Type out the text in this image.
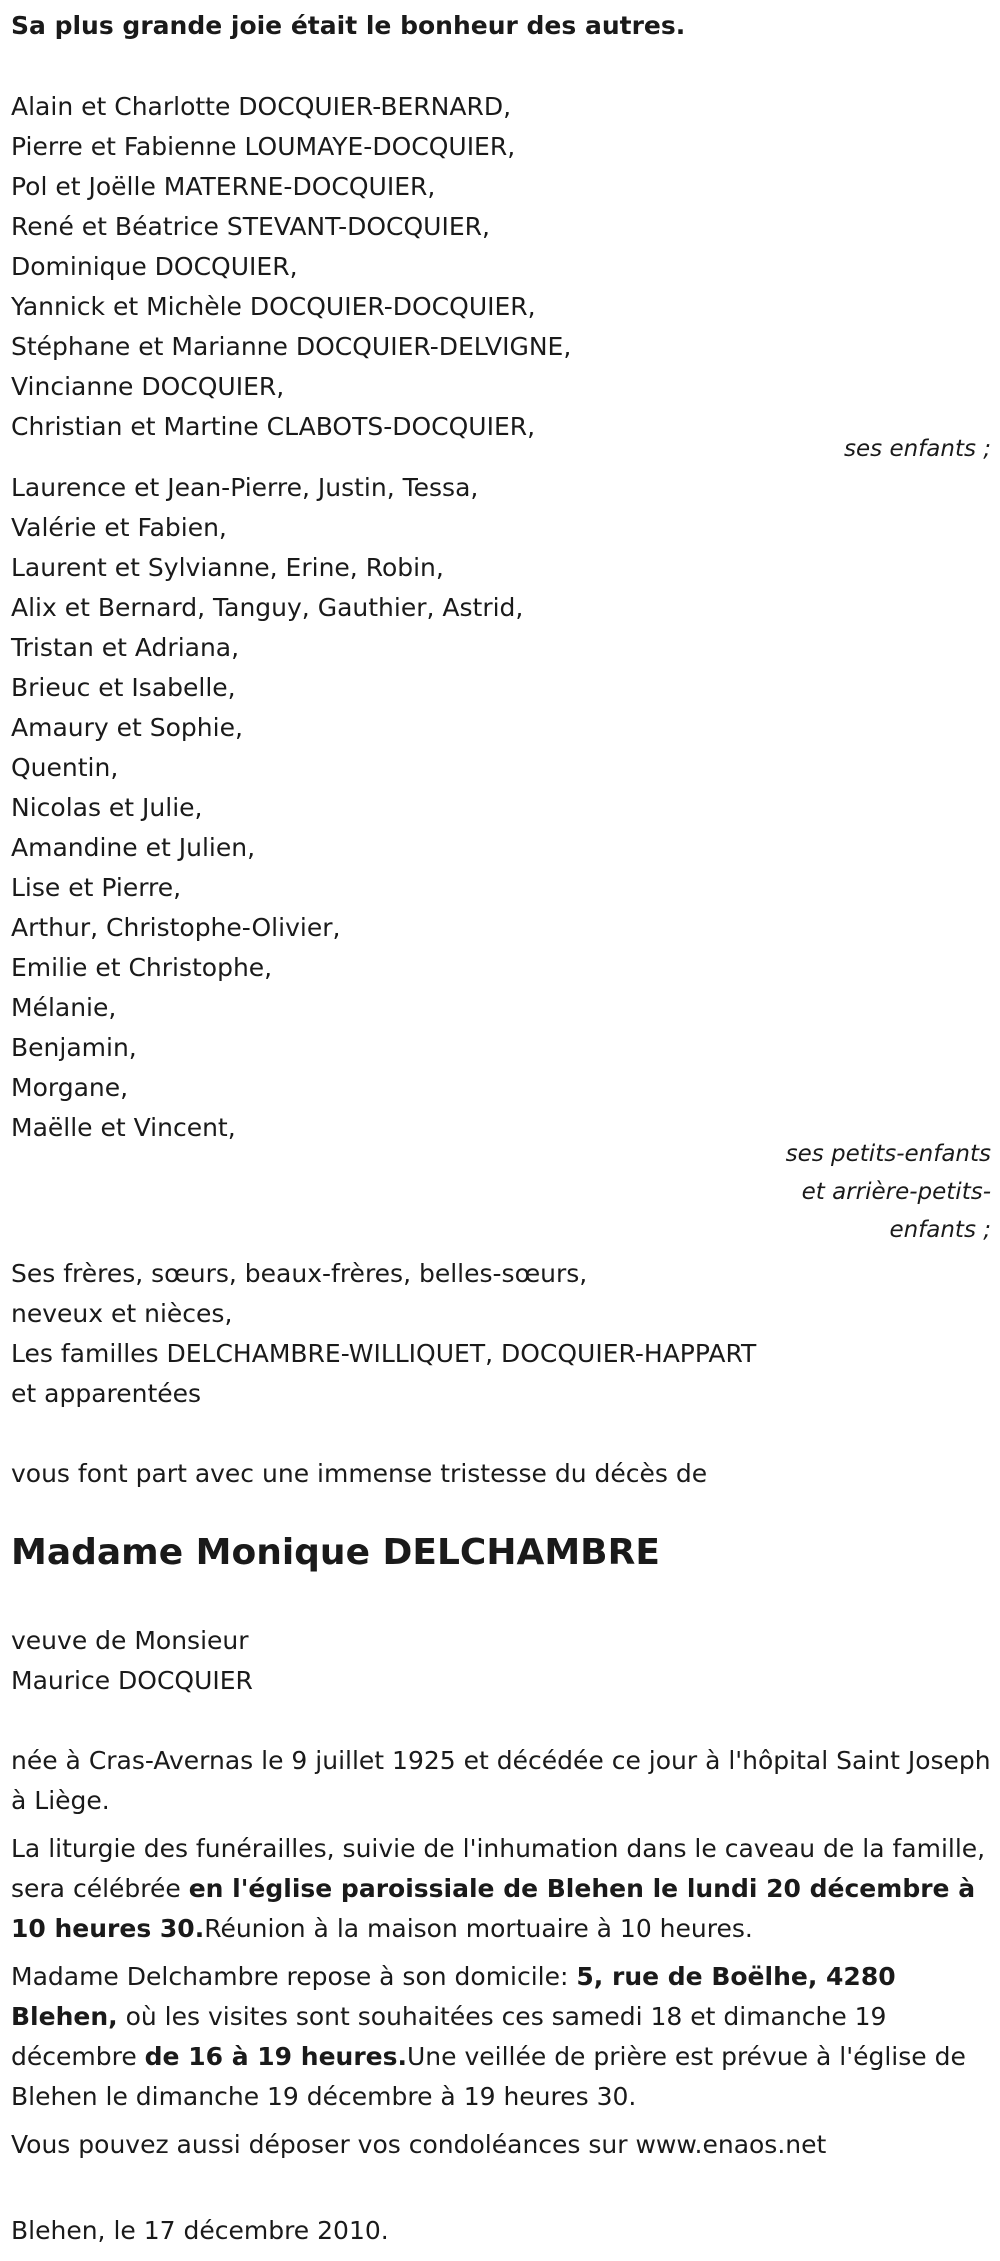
Sa plus grande joie était le bonheur des autres.
Alain et Charlotte DOCQUIER-BERNARD,
Pierre et Fabienne LOUMAYE-DOCQUIER,
Pol et Joëlle MATERNE-DOCQUIER,
René et Béatrice STEVANT-DOCQUIER,
Dominique DOCQUIER,
Yannick et Michèle DOCQUIER-DOCQUIER,
Stéphane et Marianne DOCQUIER-DELVIGNE,
Vincianne DOCQUIER,
Christian et Martine CLABOTS-DOCQUIER,
ses enfants ;
Laurence et Jean-Pierre, Justin, Tessa,
Valérie et Fabien,
Laurent et Sylvianne, Erine, Robin,
Alix et Bernard, Tanguy, Gauthier, Astrid,
Tristan et Adriana,
Brieuc et Isabelle,
Amaury et Sophie,
Quentin,
Nicolas et Julie,
Amandine et Julien,
Lise et Pierre,
Arthur, Christophe-Olivier,
Emilie et Christophe,
Mélanie,
Benjamin,
Morgane,
Maëlle et Vincent,
ses petits-enfants
et arrière-petits-
enfants ;
Ses frères, sœurs, beaux-frères, belles-sœurs,
neveux et nièces,
Les familles DELCHAMBRE-WILLIQUET, DOCQUIER-HAPPART
et apparentées
vous font part avec une immense tristesse du décès de
Madame Monique DELCHAMBRE
veuve de Monsieur
Maurice DOCQUIER
née à Cras-Avernas le 9 juillet 1925 et décédée ce jour à l'hôpital Saint Joseph à Liège.
La liturgie des funérailles, suivie de l'inhumation dans le caveau de la famille, sera célébrée en l'église paroissiale de Blehen le lundi 20 décembre à 10 heures 30.Réunion à la maison mortuaire à 10 heures.
Madame Delchambre repose à son domicile: 5, rue de Boëlhe, 4280 Blehen, où les visites sont souhaitées ces samedi 18 et dimanche 19 décembre de 16 à 19 heures.Une veillée de prière est prévue à l'église de Blehen le dimanche 19 décembre à 19 heures 30.
Vous pouvez aussi déposer vos condoléances sur www.enaos.net
Blehen, le 17 décembre 2010.
